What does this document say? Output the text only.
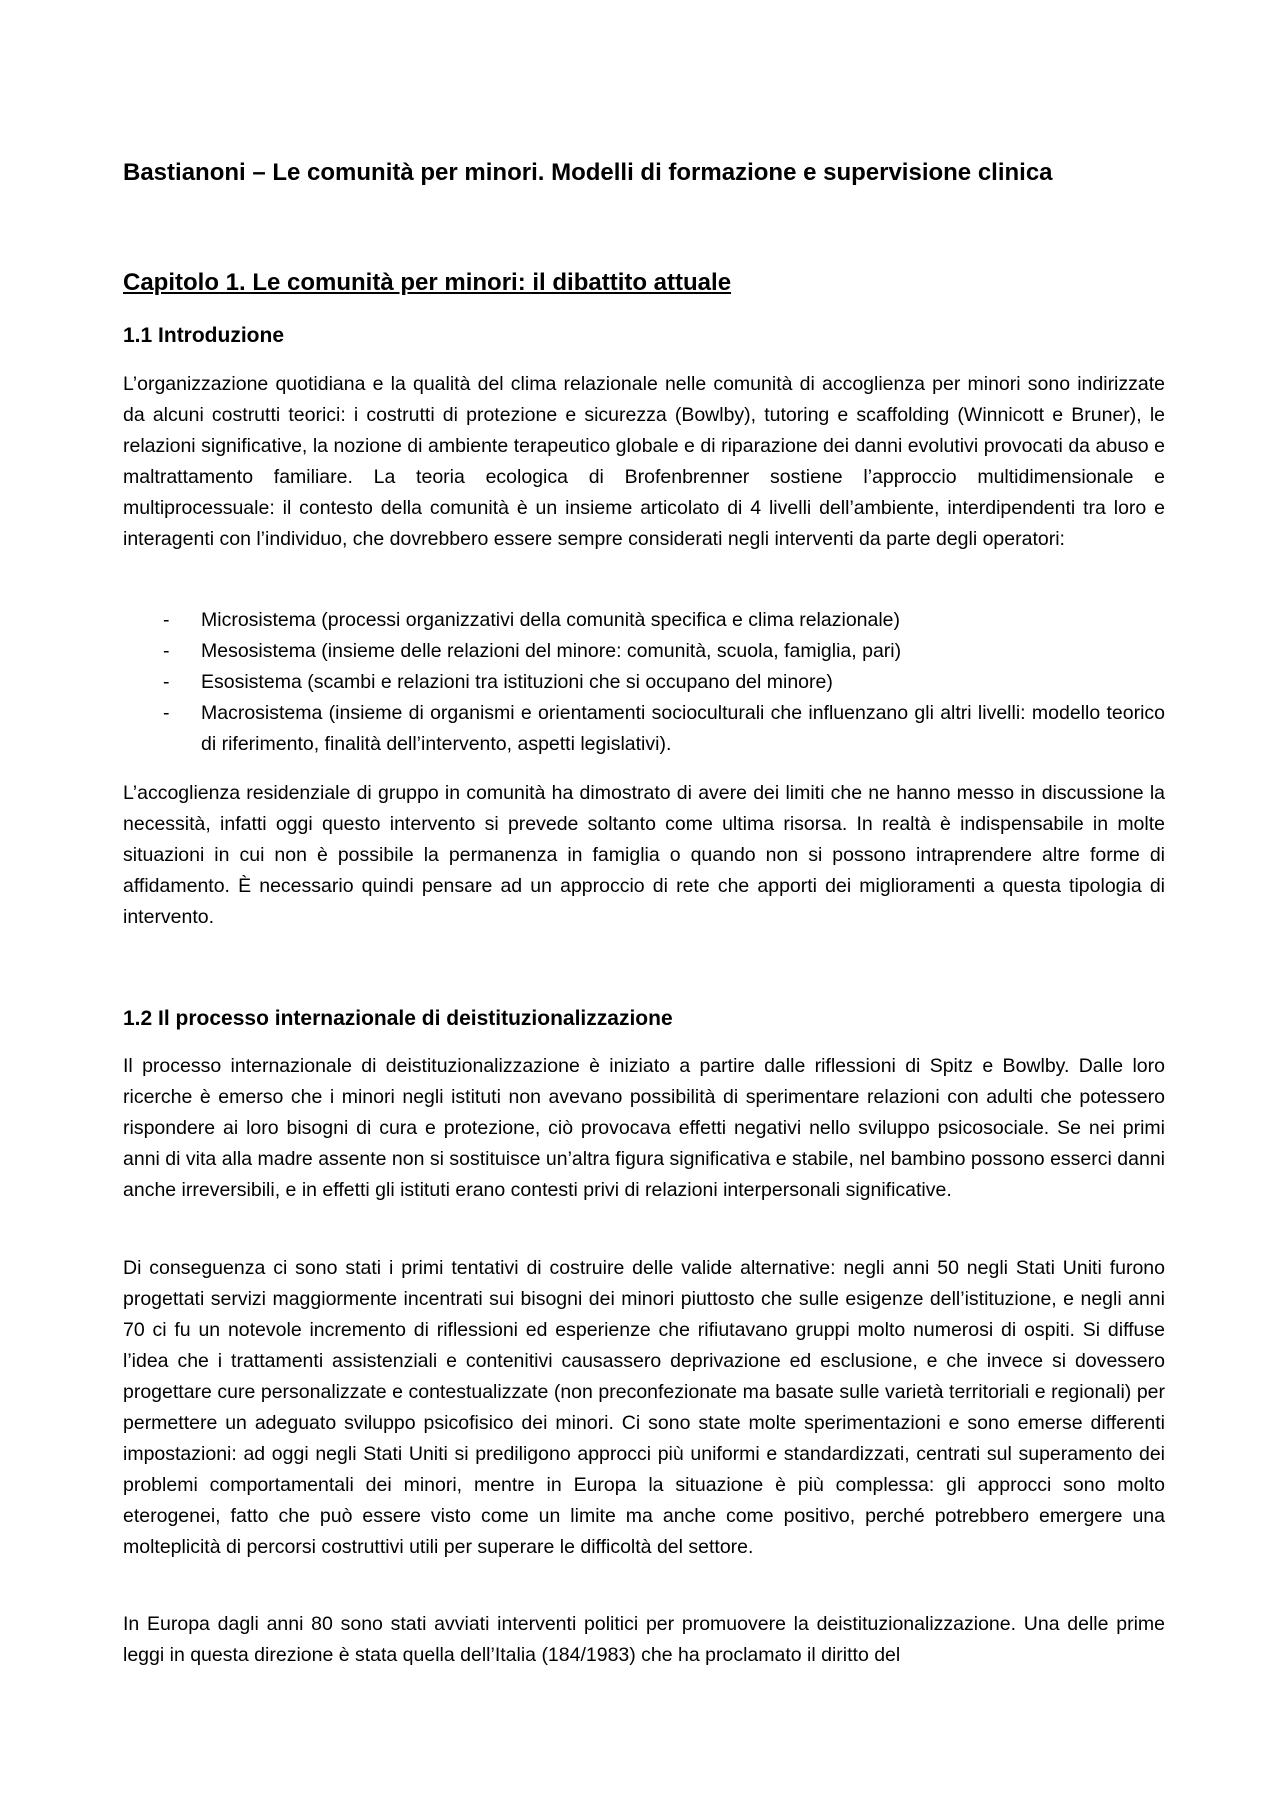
Bastianoni – Le comunità per minori. Modelli di formazione e supervisione clinica
Capitolo 1. Le comunità per minori: il dibattito attuale
1.1 Introduzione

L’organizzazione quotidiana e la qualità del clima relazionale nelle comunità di accoglienza per minori sono indirizzate da alcuni costrutti teorici: i costrutti di protezione e sicurezza (Bowlby), tutoring e scaffolding (Winnicott e Bruner), le relazioni significative, la nozione di ambiente terapeutico globale e di riparazione dei danni evolutivi provocati da abuso e maltrattamento familiare. La teoria ecologica di Brofenbrenner sostiene l’approccio multidimensionale e multiprocessuale: il contesto della comunità è un insieme articolato di 4 livelli dell’ambiente, interdipendenti tra loro e interagenti con l’individuo, che dovrebbero essere sempre considerati negli interventi da parte degli operatori:

- Microsistema (processi organizzativi della comunità specifica e clima relazionale)
- Mesosistema (insieme delle relazioni del minore: comunità, scuola, famiglia, pari)
- Esosistema (scambi e relazioni tra istituzioni che si occupano del minore)
- Macrosistema (insieme di organismi e orientamenti socioculturali che influenzano gli altri livelli: modello teorico di riferimento, finalità dell’intervento, aspetti legislativi).

L’accoglienza residenziale di gruppo in comunità ha dimostrato di avere dei limiti che ne hanno messo in discussione la necessità, infatti oggi questo intervento si prevede soltanto come ultima risorsa. In realtà è indispensabile in molte situazioni in cui non è possibile la permanenza in famiglia o quando non si possono intraprendere altre forme di affidamento. È necessario quindi pensare ad un approccio di rete che apporti dei miglioramenti a questa tipologia di intervento.

1.2 Il processo internazionale di deistituzionalizzazione

Il processo internazionale di deistituzionalizzazione è iniziato a partire dalle riflessioni di Spitz e Bowlby. Dalle loro ricerche è emerso che i minori negli istituti non avevano possibilità di sperimentare relazioni con adulti che potessero rispondere ai loro bisogni di cura e protezione, ciò provocava effetti negativi nello sviluppo psicosociale. Se nei primi anni di vita alla madre assente non si sostituisce un’altra figura significativa e stabile, nel bambino possono esserci danni anche irreversibili, e in effetti gli istituti erano contesti privi di relazioni interpersonali significative.

Di conseguenza ci sono stati i primi tentativi di costruire delle valide alternative: negli anni 50 negli Stati Uniti furono progettati servizi maggiormente incentrati sui bisogni dei minori piuttosto che sulle esigenze dell’istituzione, e negli anni 70 ci fu un notevole incremento di riflessioni ed esperienze che rifiutavano gruppi molto numerosi di ospiti. Si diffuse l’idea che i trattamenti assistenziali e contenitivi causassero deprivazione ed esclusione, e che invece si dovessero progettare cure personalizzate e contestualizzate (non preconfezionate ma basate sulle varietà territoriali e regionali) per permettere un adeguato sviluppo psicofisico dei minori. Ci sono state molte sperimentazioni e sono emerse differenti impostazioni: ad oggi negli Stati Uniti si prediligono approcci più uniformi e standardizzati, centrati sul superamento dei problemi comportamentali dei minori, mentre in Europa la situazione è più complessa: gli approcci sono molto eterogenei, fatto che può essere visto come un limite ma anche come positivo, perché potrebbero emergere una molteplicità di percorsi costruttivi utili per superare le difficoltà del settore.

In Europa dagli anni 80 sono stati avviati interventi politici per promuovere la deistituzionalizzazione. Una delle prime leggi in questa direzione è stata quella dell’Italia (184/1983) che ha proclamato il diritto del
